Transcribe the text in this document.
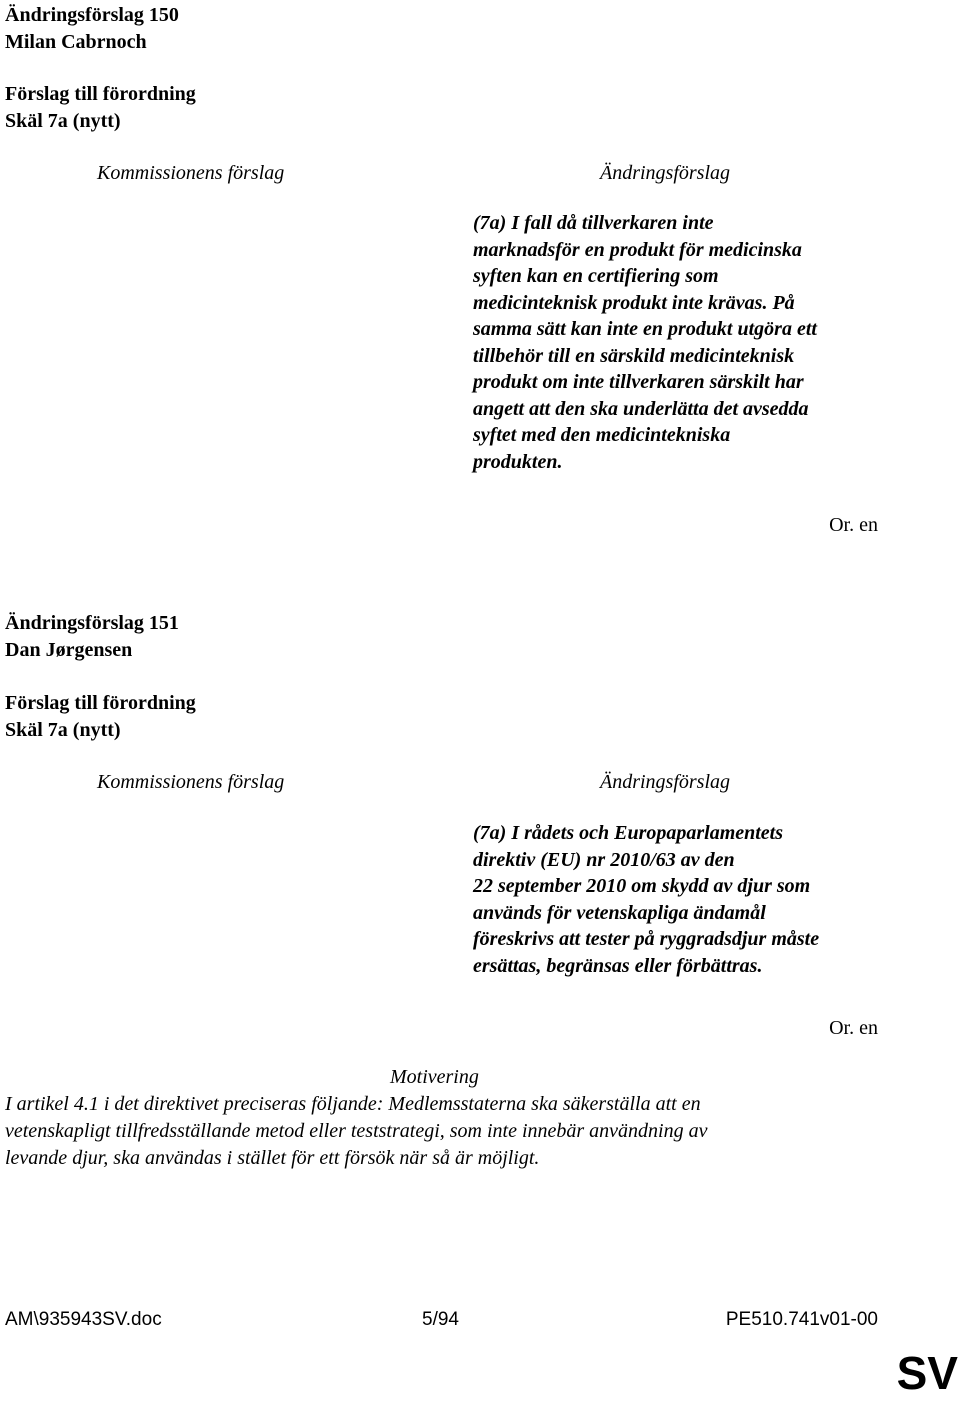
Ändringsförslag 150
Milan Cabrnoch
Förslag till förordning
Skäl 7a (nytt)
Kommissionens förslag	Ändringsförslag
(7a) I fall då tillverkaren inte
marknadsför en produkt för medicinska
syften kan en certifiering som
medicinteknisk produkt inte krävas. På
samma sätt kan inte en produkt utgöra ett
tillbehör till en särskild medicinteknisk
produkt om inte tillverkaren särskilt har
angett att den ska underlätta det avsedda
syftet med den medicintekniska
produkten.
Or. en
Ändringsförslag 151
Dan Jørgensen
Förslag till förordning
Skäl 7a (nytt)
Kommissionens förslag	Ändringsförslag
(7a) I rådets och Europaparlamentets
direktiv (EU) nr 2010/63 av den
22 september 2010 om skydd av djur som
används för vetenskapliga ändamål
föreskrivs att tester på ryggradsdjur måste
ersättas, begränsas eller förbättras.
Or. en
Motivering
I artikel 4.1 i det direktivet preciseras följande: Medlemsstaterna ska säkerställa att en
vetenskapligt tillfredsställande metod eller teststrategi, som inte innebär användning av
levande djur, ska användas i stället för ett försök när så är möjligt.
AM\935943SV.doc	5/94	PE510.741v01-00
SV
